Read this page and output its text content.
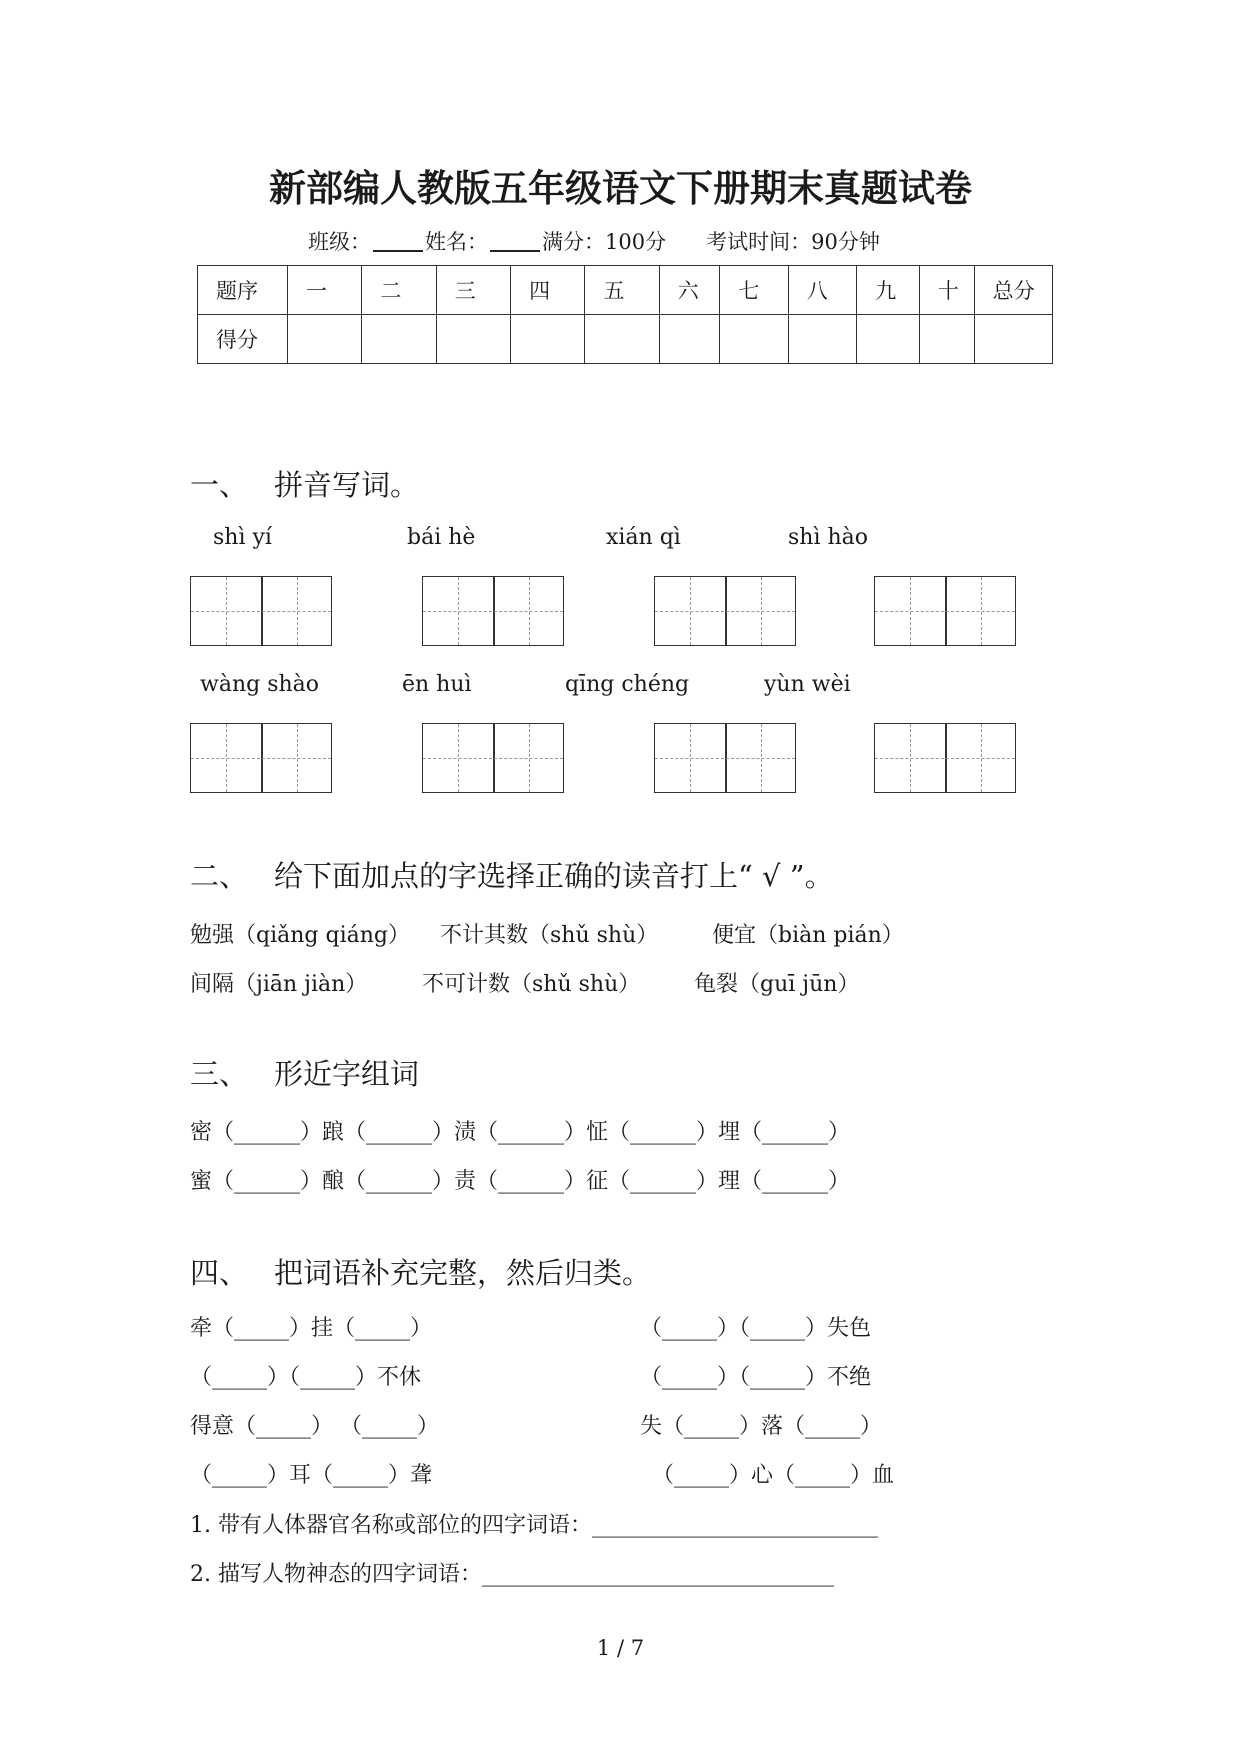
新部编人教版五年级语文下册期末真题试卷
班级：	姓名：	满分：100分 考试时间：90分钟
题序	一	二	三	四	五	六	七	八	九	十	总分
得分											
一、 拼音写词。
shì yí	bái hè	xián qì	shì hào
wàng shào	ēn huì	qīng chéng	yùn wèi
二、 给下面加点的字选择正确的读音打上“ √ ”。
勉强（qiǎng qiáng） 不计其数（shǔ shù） 便宜（biàn pián）
间隔（jiān jiàn） 不可计数（shǔ shù） 龟裂（guī jūn）
三、 形近字组词
密（______）踉（______）渍（______）怔（______）埋（______）
蜜（______）酿（______）责（______）征（______）理（______）
四、 把词语补充完整，然后归类。
牵（_____）挂（_____）	（_____）（_____）失色
（_____）（_____）不休	（_____）（_____）不绝
得意（_____） （_____）	失（_____）落（_____）
（_____）耳（_____）聋	（_____）心（_____）血
1. 带有人体器官名称或部位的四字词语：__________________________
2. 描写人物神态的四字词语：________________________________
1 / 7
